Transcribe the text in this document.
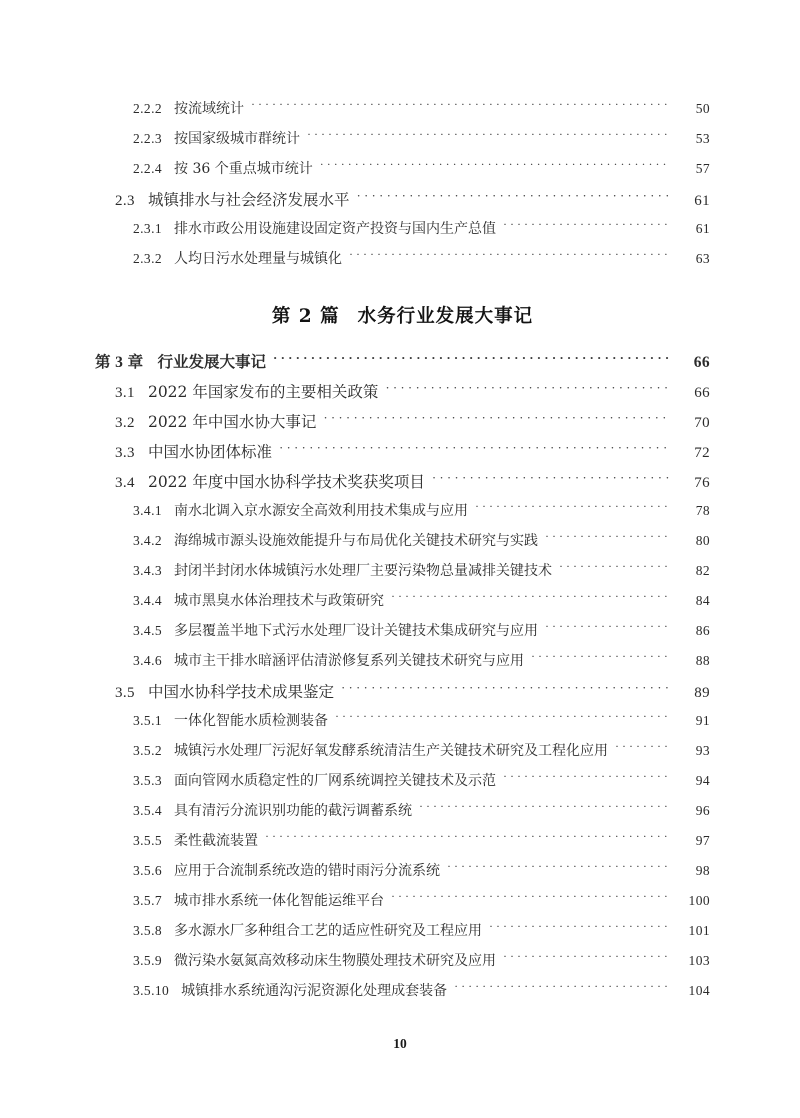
2.2.2 按流域统计 ·····	50
2.2.3 按国家级城市群统计 ·····	53
2.2.4 按 36 个重点城市统计 ·····	57
2.3 城镇排水与社会经济发展水平 ·····	61
2.3.1 排水市政公用设施建设固定资产投资与国内生产总值 ·····	61
2.3.2 人均日污水处理量与城镇化 ·····	63
第 2 篇 水务行业发展大事记
第 3 章 行业发展大事记 ·····	66
3.1 2022 年国家发布的主要相关政策 ·····	66
3.2 2022 年中国水协大事记 ·····	70
3.3 中国水协团体标准 ·····	72
3.4 2022 年度中国水协科学技术奖获奖项目 ·····	76
3.4.1 南水北调入京水源安全高效利用技术集成与应用 ·····	78
3.4.2 海绵城市源头设施效能提升与布局优化关键技术研究与实践 ·····	80
3.4.3 封闭半封闭水体城镇污水处理厂主要污染物总量减排关键技术 ·····	82
3.4.4 城市黑臭水体治理技术与政策研究 ·····	84
3.4.5 多层覆盖半地下式污水处理厂设计关键技术集成研究与应用 ·····	86
3.4.6 城市主干排水暗涵评估清淤修复系列关键技术研究与应用 ·····	88
3.5 中国水协科学技术成果鉴定 ·····	89
3.5.1 一体化智能水质检测装备 ·····	91
3.5.2 城镇污水处理厂污泥好氧发酵系统清洁生产关键技术研究及工程化应用 ·····	93
3.5.3 面向管网水质稳定性的厂网系统调控关键技术及示范 ·····	94
3.5.4 具有清污分流识别功能的截污调蓄系统 ·····	96
3.5.5 柔性截流装置 ·····	97
3.5.6 应用于合流制系统改造的错时雨污分流系统 ·····	98
3.5.7 城市排水系统一体化智能运维平台 ·····	100
3.5.8 多水源水厂多种组合工艺的适应性研究及工程应用 ·····	101
3.5.9 微污染水氨氮高效移动床生物膜处理技术研究及应用 ·····	103
3.5.10 城镇排水系统通沟污泥资源化处理成套装备 ·····	104
10
